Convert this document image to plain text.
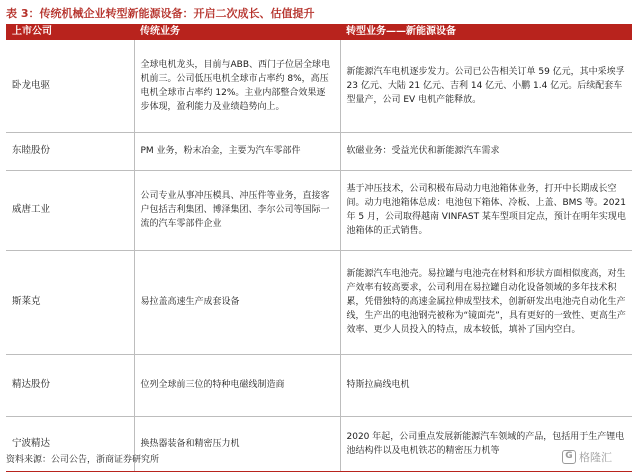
表 3：传统机械企业转型新能源设备：开启二次成长、估值提升
上市公司	传统业务	转型业务——新能源设备
卧龙电驱	全球电机龙头，目前与ABB、西门子位居全球电机前三。公司低压电机全球市占率约 8%，高压电机全球市占率约 12%。主业内部整合效果逐步体现，盈利能力及业绩趋势向上。	新能源汽车电机逐步发力。公司已公告相关订单 59 亿元，其中采埃孚 23 亿元、大陆 21 亿元、吉利 14 亿元、小鹏 1.4 亿元。后续配套车型量产，公司 EV 电机产能释放。
东睦股份	PM 业务，粉末冶金，主要为汽车零部件	软磁业务：受益光伏和新能源汽车需求
威唐工业	公司专业从事冲压模具、冲压件等业务，直接客户包括吉利集团、博泽集团、李尔公司等国际一流的汽车零部件企业	基于冲压技术，公司积极布局动力电池箱体业务，打开中长期成长空间。动力电池箱体总成：电池包下箱体、冷板、上盖、BMS 等。2021 年 5 月，公司取得越南 VINFAST 某车型项目定点，预计在明年实现电池箱体的正式销售。
斯莱克	易拉盖高速生产成套设备	新能源汽车电池壳。易拉罐与电池壳在材料和形状方面相似度高，对生产效率有较高要求，公司利用在易拉罐自动化设备领域的多年技术积累，凭借独特的高速金属拉伸成型技术，创新研发出电池壳自动化生产线，生产出的电池钢壳被称为“镜面壳”，具有更好的一致性、更高生产效率、更少人员投入的特点，成本较低，填补了国内空白。
精达股份	位列全球前三位的特种电磁线制造商	特斯拉扁线电机
宁波精达	换热器装备和精密压力机	2020 年起，公司重点发展新能源汽车领域的产品，包括用于生产锂电池结构件以及电机铁芯的精密压力机等
资料来源：公司公告，浙商证券研究所	G 格隆汇
